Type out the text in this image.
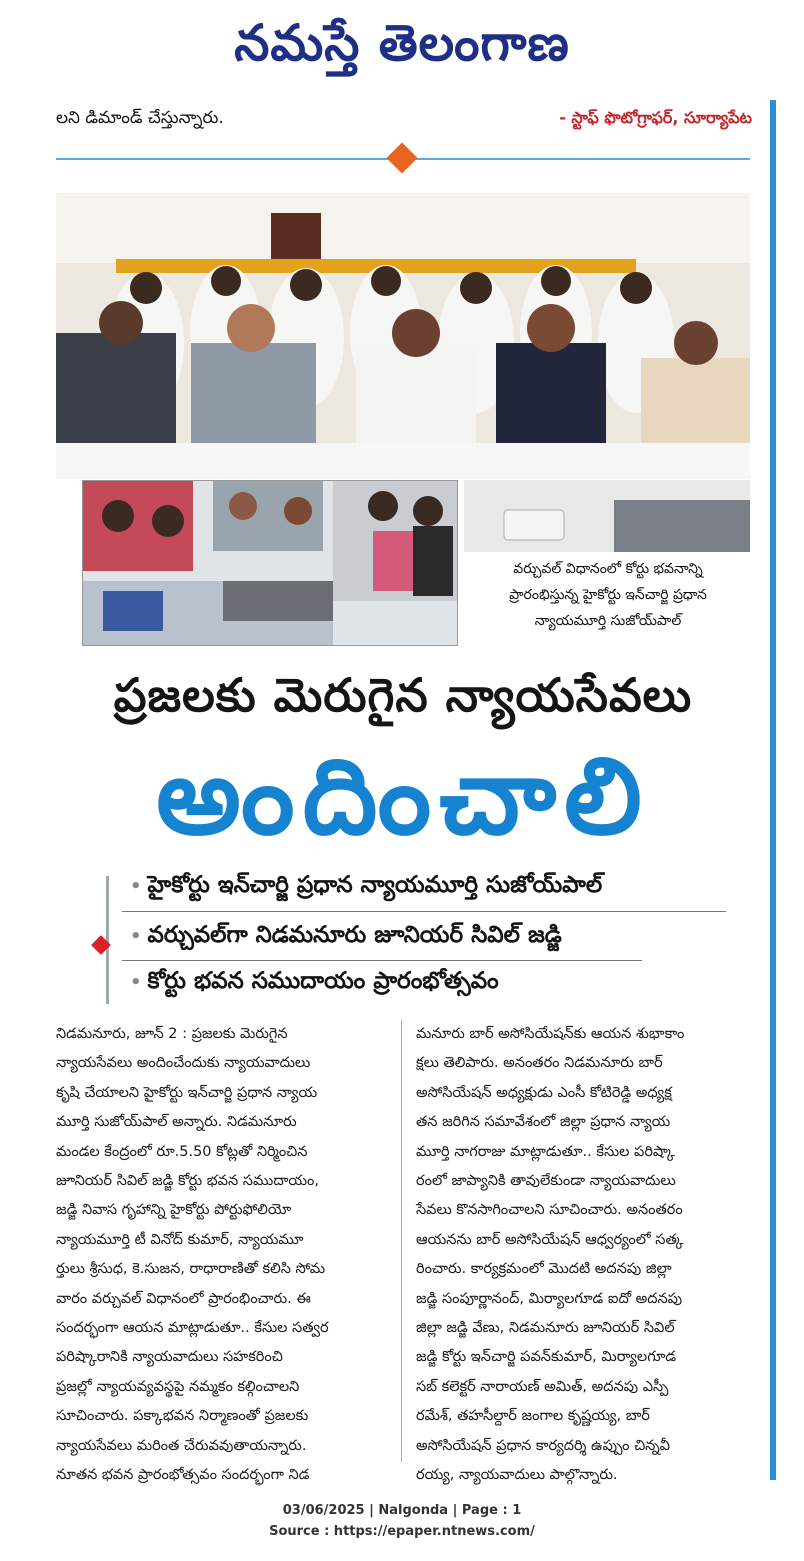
నమస్తే తెలంగాణ
లని డిమాండ్ చేస్తున్నారు.	- స్టాఫ్ ఫొటోగ్రాఫర్, సూర్యాపేట
వర్చువల్ విధానంలో కోర్టు భవనాన్ని
ప్రారంభిస్తున్న హైకోర్టు ఇన్‌చార్జి ప్రధాన
న్యాయమూర్తి సుజోయ్‌పాల్
ప్రజలకు మెరుగైన న్యాయసేవలు
అందించాలి
• హైకోర్టు ఇన్‌చార్జి ప్రధాన న్యాయమూర్తి సుజోయ్‌పాల్
• వర్చువల్‌గా నిడమనూరు జూనియర్ సివిల్ జడ్జి
• కోర్టు భవన సముదాయం ప్రారంభోత్సవం
నిడమనూరు, జూన్ 2 : ప్రజలకు మెరుగైన
న్యాయసేవలు అందించేందుకు న్యాయవాదులు
కృషి చేయాలని హైకోర్టు ఇన్‌చార్జి ప్రధాన న్యాయ
మూర్తి సుజోయ్‌పాల్ అన్నారు. నిడమనూరు
మండల కేంద్రంలో రూ.5.50 కోట్లతో నిర్మించిన
జూనియర్ సివిల్ జడ్జి కోర్టు భవన సముదాయం,
జడ్జి నివాస గృహాన్ని హైకోర్టు పోర్టుఫోలియో
న్యాయమూర్తి టీ వినోద్ కుమార్, న్యాయమూ
ర్తులు శ్రీసుధ, కె.సుజన, రాధారాణితో కలిసి సోమ
వారం వర్చువల్ విధానంలో ప్రారంభించారు. ఈ
సందర్భంగా ఆయన మాట్లాడుతూ.. కేసుల సత్వర
పరిష్కారానికి న్యాయవాదులు సహకరించి
ప్రజల్లో న్యాయవ్యవస్థపై నమ్మకం కల్గించాలని
సూచించారు. పక్కాభవన నిర్మాణంతో ప్రజలకు
న్యాయసేవలు మరింత చేరువవుతాయన్నారు.
నూతన భవన ప్రారంభోత్సవం సందర్భంగా నిడ
మనూరు బార్ అసోసియేషన్‌కు ఆయన శుభాకాం
క్షలు తెలిపారు. అనంతరం నిడమనూరు బార్
అసోసియేషన్ అధ్యక్షుడు ఎంసీ కోటిరెడ్డి అధ్యక్ష
తన జరిగిన సమావేశంలో జిల్లా ప్రధాన న్యాయ
మూర్తి నాగరాజు మాట్లాడుతూ.. కేసుల పరిష్కా
రంలో జాప్యానికి తావులేకుండా న్యాయవాదులు
సేవలు కొనసాగించాలని సూచించారు. అనంతరం
ఆయనను బార్ అసోసియేషన్ ఆధ్వర్యంలో సత్క
రించారు. కార్యక్రమంలో మొదటి అదనపు జిల్లా
జడ్జి సంపూర్ణానంద్, మిర్యాలగూడ ఐదో అదనపు
జిల్లా జడ్జి వేణు, నిడమనూరు జూనియర్ సివిల్
జడ్జి కోర్టు ఇన్‌చార్జి పవన్‌కుమార్, మిర్యాలగూడ
సబ్ కలెక్టర్ నారాయణ్ అమిత్, అదనపు ఎస్పీ
రమేశ్, తహసీల్దార్ జంగాల కృష్ణయ్య, బార్
అసోసియేషన్ ప్రధాన కార్యదర్శి ఉప్పుం చిన్నవీ
రయ్య, న్యాయవాదులు పాల్గొన్నారు.
03/06/2025 | Nalgonda | Page : 1
Source : https://epaper.ntnews.com/
